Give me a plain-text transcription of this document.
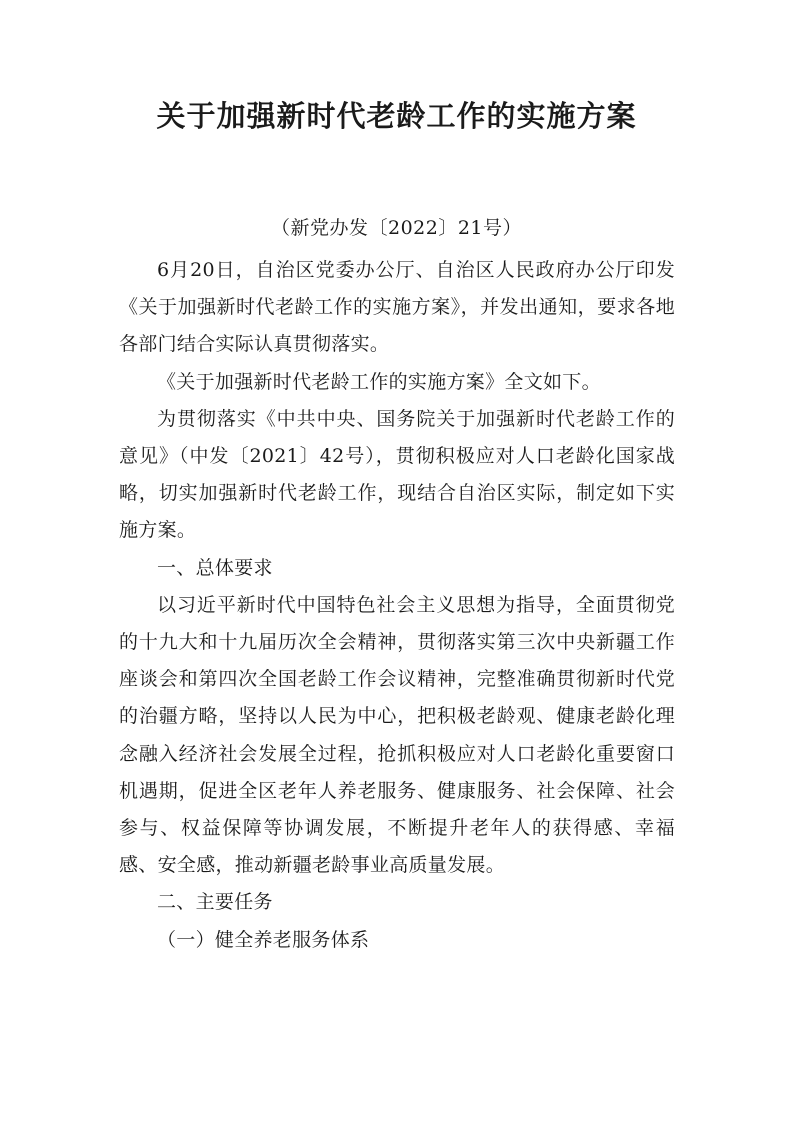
关于加强新时代老龄工作的实施方案

（新党办发〔2022〕21号）

6月20日，自治区党委办公厅、自治区人民政府办公厅印发《关于加强新时代老龄工作的实施方案》，并发出通知，要求各地各部门结合实际认真贯彻落实。

《关于加强新时代老龄工作的实施方案》全文如下。

为贯彻落实《中共中央、国务院关于加强新时代老龄工作的意见》（中发〔2021〕42号），贯彻积极应对人口老龄化国家战略，切实加强新时代老龄工作，现结合自治区实际，制定如下实施方案。

一、总体要求

以习近平新时代中国特色社会主义思想为指导，全面贯彻党的十九大和十九届历次全会精神，贯彻落实第三次中央新疆工作座谈会和第四次全国老龄工作会议精神，完整准确贯彻新时代党的治疆方略，坚持以人民为中心，把积极老龄观、健康老龄化理念融入经济社会发展全过程，抢抓积极应对人口老龄化重要窗口机遇期，促进全区老年人养老服务、健康服务、社会保障、社会参与、权益保障等协调发展，不断提升老年人的获得感、幸福感、安全感，推动新疆老龄事业高质量发展。

二、主要任务

（一）健全养老服务体系
